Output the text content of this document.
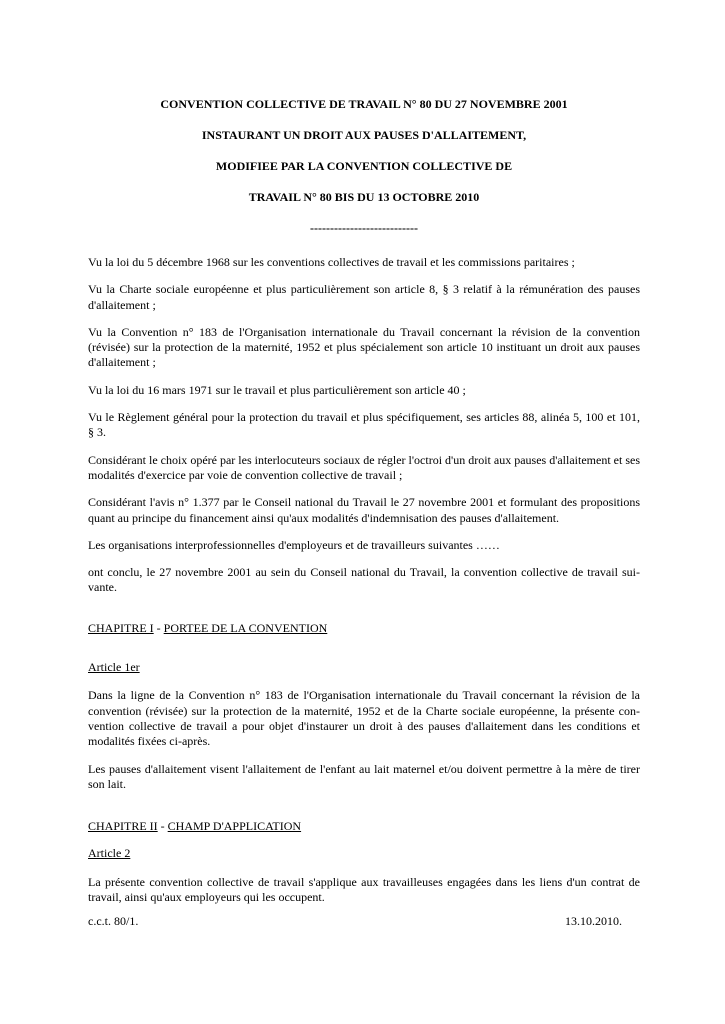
CONVENTION COLLECTIVE DE TRAVAIL N° 80 DU 27 NOVEMBRE 2001
INSTAURANT UN DROIT AUX PAUSES D'ALLAITEMENT,
MODIFIEE PAR LA CONVENTION COLLECTIVE DE
TRAVAIL N° 80 BIS DU 13 OCTOBRE 2010
---------------------------

Vu la loi du 5 décembre 1968 sur les conventions collectives de travail et les commissions paritaires ;

Vu la Charte sociale européenne et plus particulièrement son article 8, § 3 relatif à la rémunération des pauses d'allaitement ;

Vu la Convention n° 183 de l'Organisation internationale du Travail concernant la révision de la convention (révisée) sur la protection de la maternité, 1952 et plus spécialement son article 10 instituant un droit aux pauses d'allaitement ;

Vu la loi du 16 mars 1971 sur le travail et plus particulièrement son article 40 ;

Vu le Règlement général pour la protection du travail et plus spécifiquement, ses articles 88, alinéa 5, 100 et 101, § 3.

Considérant le choix opéré par les interlocuteurs sociaux de régler l'octroi d'un droit aux pauses d'allaitement et ses modalités d'exercice par voie de convention collective de travail ;

Considérant l'avis n° 1.377 par le Conseil national du Travail le 27 novembre 2001 et formulant des propositions quant au principe du financement ainsi qu'aux modalités d'indemnisation des pauses d'allaitement.

Les organisations interprofessionnelles d'employeurs et de travailleurs suivantes ……

ont conclu, le 27 novembre 2001 au sein du Conseil national du Travail, la convention collective de travail sui-vante.

CHAPITRE I - PORTEE DE LA CONVENTION
Article 1er

Dans la ligne de la Convention n° 183 de l'Organisation internationale du Travail concernant la révision de la convention (révisée) sur la protection de la maternité, 1952 et de la Charte sociale européenne, la présente con-vention collective de travail a pour objet d'instaurer un droit à des pauses d'allaitement dans les conditions et modalités fixées ci-après.

Les pauses d'allaitement visent l'allaitement de l'enfant au lait maternel et/ou doivent permettre à la mère de tirer son lait.

CHAPITRE II - CHAMP D'APPLICATION
Article 2

La présente convention collective de travail s'applique aux travailleuses engagées dans les liens d'un contrat de travail, ainsi qu'aux employeurs qui les occupent.

c.c.t. 80/1.	13.10.2010.
